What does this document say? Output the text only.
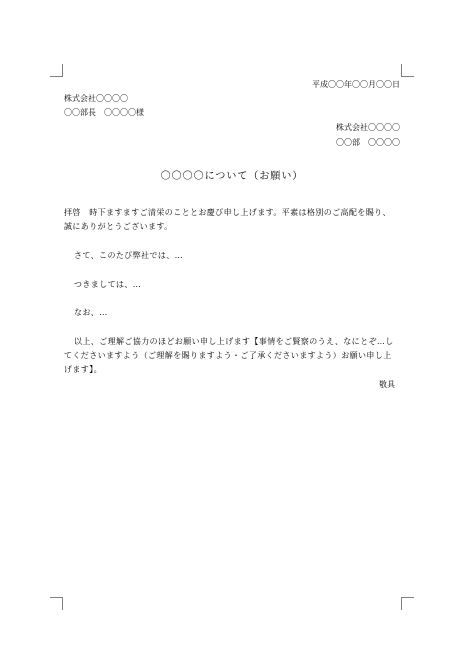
平成〇〇年〇〇月〇〇日
株式会社〇〇〇〇
〇〇部長　〇〇〇〇様
株式会社〇〇〇〇
〇〇部　〇〇〇〇
〇〇〇〇について（お願い）
拝啓　時下ますますご清栄のこととお慶び申し上げます。平素は格別のご高配を賜り、
誠にありがとうございます。
さて、このたび弊社では、…
つきましては、…
なお、…
以上、ご理解ご協力のほどお願い申し上げます【事情をご賢察のうえ、なにとぞ…し
てくださいますよう（ご理解を賜りますよう・ご了承くださいますよう）お願い申し上
げます】。
敬具
